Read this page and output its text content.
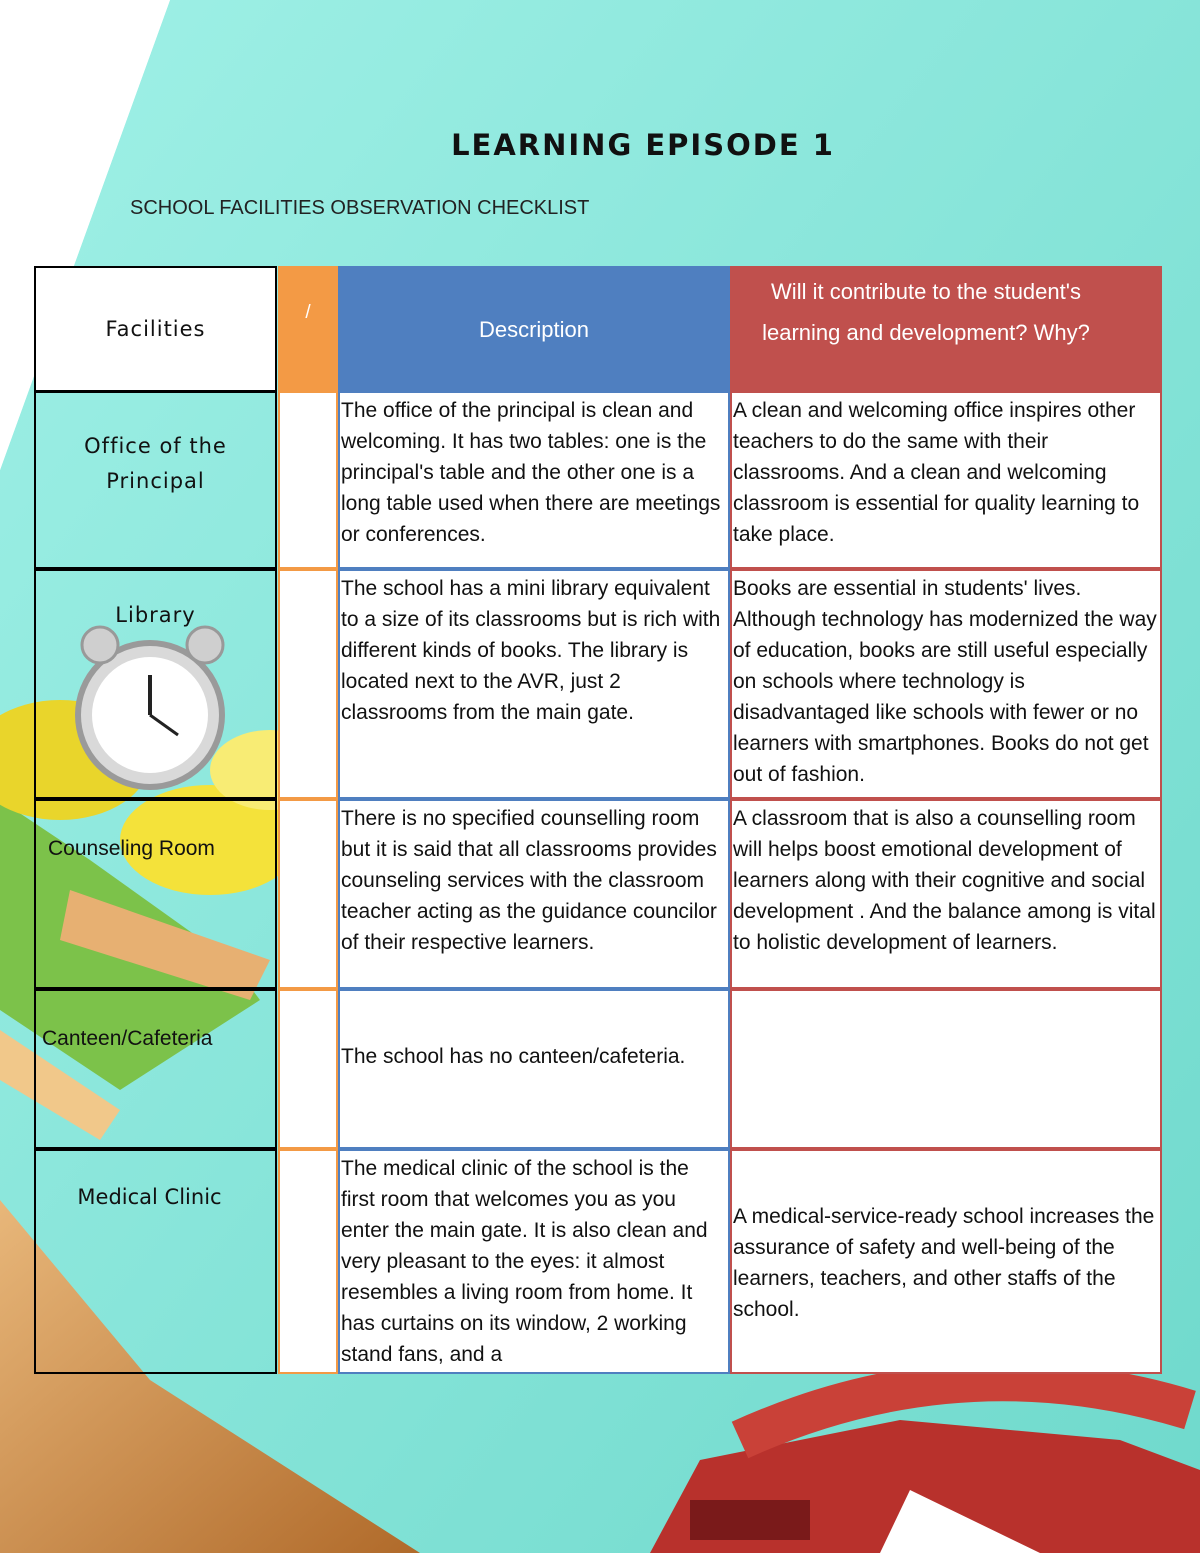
LEARNING EPISODE 1
SCHOOL FACILITIES OBSERVATION CHECKLIST
Facilities
/
Description
Will it contribute to the student's learning and development? Why?
Office of the Principal
The office of the principal is clean and welcoming. It has two tables: one is the principal's table and the other one is a long table used when there are meetings or conferences.
A clean and welcoming office inspires other teachers to do the same with their classrooms. And a clean and welcoming classroom is essential for quality learning to take place.
Library
The school has a mini library equivalent to a size of its classrooms but is rich with different kinds of books. The library is located next to the AVR, just 2 classrooms from the main gate.
Books are essential in students' lives. Although technology has modernized the way of education, books are still useful especially on schools where technology is disadvantaged like schools with fewer or no learners with smartphones. Books do not get out of fashion.
Counseling Room
There is no specified counselling room but it is said that all classrooms provides counseling services with the classroom teacher acting as the guidance councilor of their respective learners.
A classroom that is also a counselling room will helps boost emotional development of learners along with their cognitive and social development . And the balance among is vital to holistic development of learners.
Canteen/Cafeteria
The school has no canteen/cafeteria.
Medical Clinic
The medical clinic of the school is the first room that welcomes you as you enter the main gate. It is also clean and very pleasant to the eyes: it almost resembles a living room from home. It has curtains on its window, 2 working stand fans, and a
A medical-service-ready school increases the assurance of safety and well-being of the learners, teachers, and other staffs of the school.
